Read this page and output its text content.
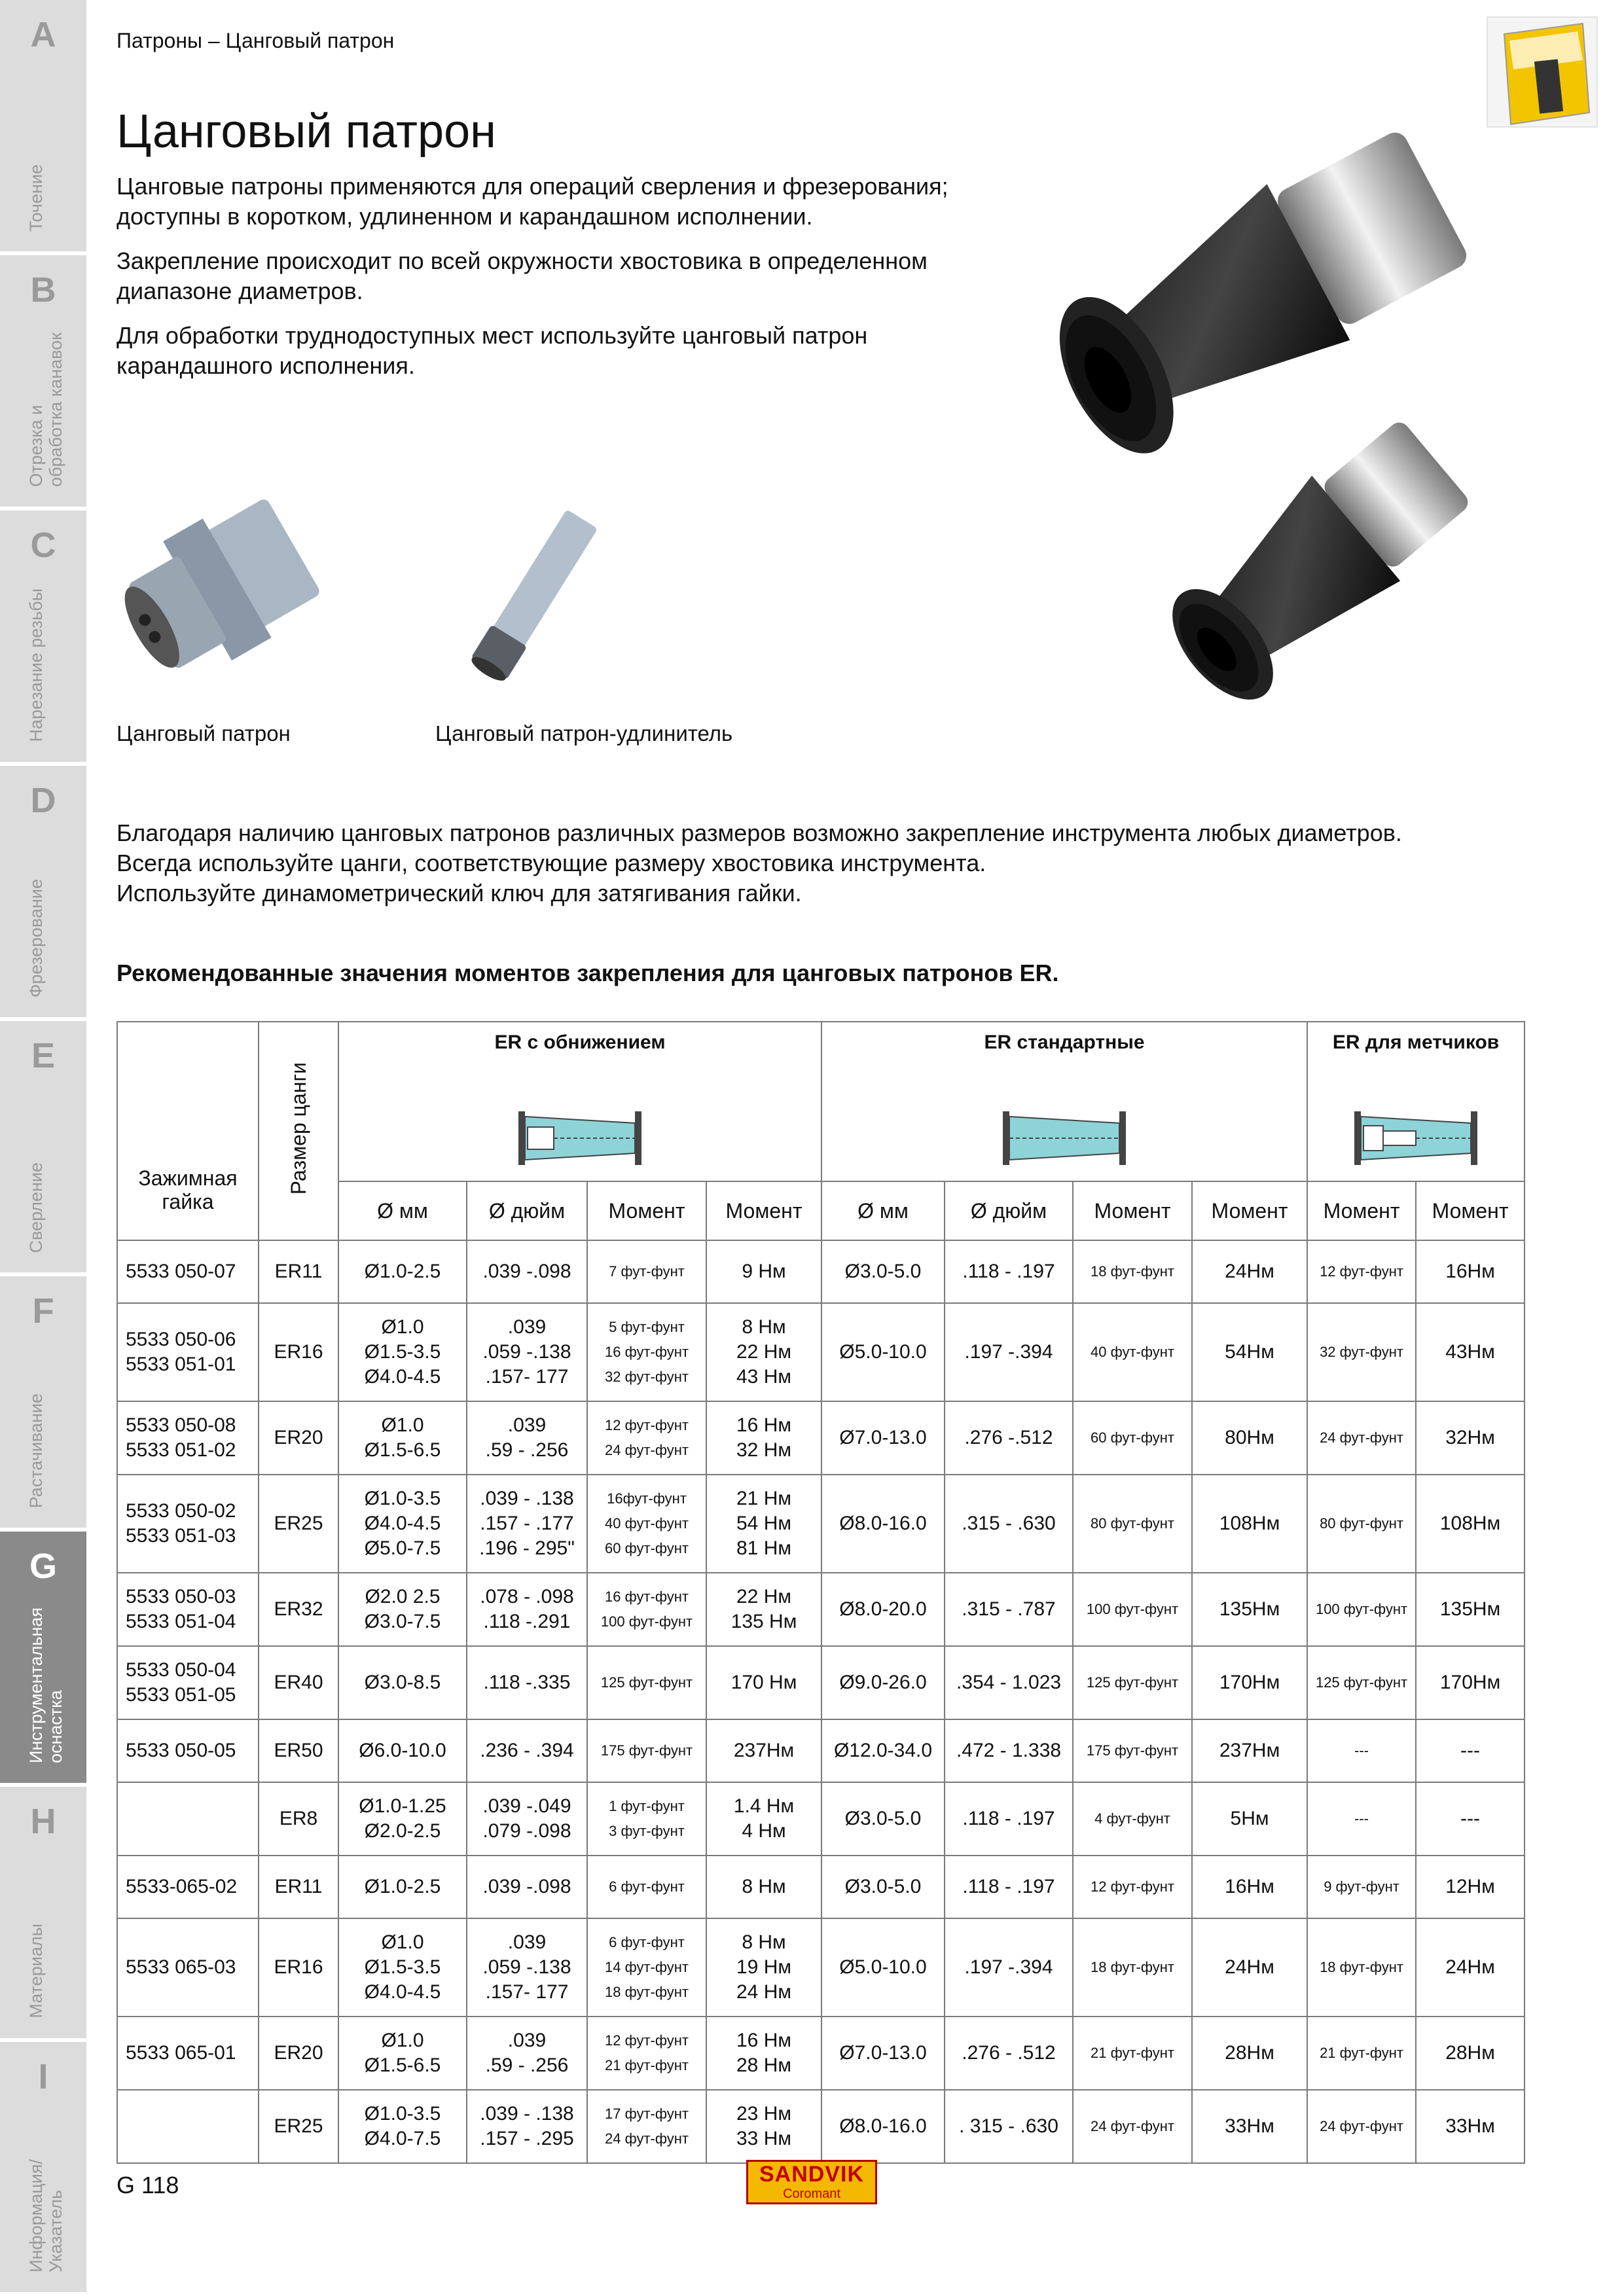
A
Точение
B
Отрезка и
обработка канавок
C
Нарезание резьбы
D
Фрезерование
E
Сверление
F
Растачивание
G
Инструментальная
оснастка
H
Материалы
I
Информация/
Указатель
Патроны – Цанговый патрон
Цанговый патрон

Цанговые патроны применяются для операций сверления и фрезерования; доступны в коротком, удлиненном и карандашном исполнении.

Закрепление происходит по всей окружности хвостовика в определенном диапазоне диаметров.

Для обработки труднодоступных мест используйте цанговый патрон карандашного исполнения.

Цанговый патрон	Цанговый патрон-удлинитель

Благодаря наличию цанговых патронов различных размеров возможно закрепление инструмента любых диаметров.

Всегда используйте цанги, соответствующие размеру хвостовика инструмента.

Используйте динамометрический ключ для затягивания гайки.

Рекомендованные значения моментов закрепления для цанговых патронов ER.
Зажимная
гайка	Размер цанги	ER с обнижением				ER стандартные				ER для метчиков	

		Ø мм	Ø дюйм	Момент	Момент	Ø мм	Ø дюйм	Момент	Момент	Момент	Момент
5533 050-07	ER11	Ø1.0-2.5	.039 -.098	7 фут-фунт	9 Нм	Ø3.0-5.0	.118 - .197	18 фут-фунт	24Нм	12 фут-фунт	16Нм
5533 050-06
5533 051-01	ER16	Ø1.0
Ø1.5-3.5
Ø4.0-4.5	.039
.059 -.138
.157- 177	5 фут-фунт
16 фут-фунт
32 фут-фунт	8 Нм
22 Нм
43 Нм	Ø5.0-10.0	.197 -.394	40 фут-фунт	54Нм	32 фут-фунт	43Нм
5533 050-08
5533 051-02	ER20	Ø1.0
Ø1.5-6.5	.039
.59 - .256	12 фут-фунт
24 фут-фунт	16 Нм
32 Нм	Ø7.0-13.0	.276 -.512	60 фут-фунт	80Нм	24 фут-фунт	32Нм
5533 050-02
5533 051-03	ER25	Ø1.0-3.5
Ø4.0-4.5
Ø5.0-7.5	.039 - .138
.157 - .177
.196 - 295"	16фут-фунт
40 фут-фунт
60 фут-фунт	21 Нм
54 Нм
81 Нм	Ø8.0-16.0	.315 - .630	80 фут-фунт	108Нм	80 фут-фунт	108Нм
5533 050-03
5533 051-04	ER32	Ø2.0 2.5
Ø3.0-7.5	.078 - .098
.118 -.291	16 фут-фунт
100 фут-фунт	22 Нм
135 Нм	Ø8.0-20.0	.315 - .787	100 фут-фунт	135Нм	100 фут-фунт	135Нм
5533 050-04
5533 051-05	ER40	Ø3.0-8.5	.118 -.335	125 фут-фунт	170 Нм	Ø9.0-26.0	.354 - 1.023	125 фут-фунт	170Нм	125 фут-фунт	170Нм
5533 050-05	ER50	Ø6.0-10.0	.236 - .394	175 фут-фунт	237Нм	Ø12.0-34.0	.472 - 1.338	175 фут-фунт	237Нм	---	---
	ER8	Ø1.0-1.25
Ø2.0-2.5	.039 -.049
.079 -.098	1 фут-фунт
3 фут-фунт	1.4 Нм
4 Нм	Ø3.0-5.0	.118 - .197	4 фут-фунт	5Нм	---	---
5533-065-02	ER11	Ø1.0-2.5	.039 -.098	6 фут-фунт	8 Нм	Ø3.0-5.0	.118 - .197	12 фут-фунт	16Нм	9 фут-фунт	12Нм
5533 065-03	ER16	Ø1.0
Ø1.5-3.5
Ø4.0-4.5	.039
.059 -.138
.157- 177	6 фут-фунт
14 фут-фунт
18 фут-фунт	8 Нм
19 Нм
24 Нм	Ø5.0-10.0	.197 -.394	18 фут-фунт	24Нм	18 фут-фунт	24Нм
5533 065-01	ER20	Ø1.0
Ø1.5-6.5	.039
.59 - .256	12 фут-фунт
21 фут-фунт	16 Нм
28 Нм	Ø7.0-13.0	.276 - .512	21 фут-фунт	28Нм	21 фут-фунт	28Нм
	ER25	Ø1.0-3.5
Ø4.0-7.5	.039 - .138
.157 - .295	17 фут-фунт
24 фут-фунт	23 Нм
33 Нм	Ø8.0-16.0	. 315 - .630	24 фут-фунт	33Нм	24 фут-фунт	33Нм
G 118	SANDVIK
Coromant
